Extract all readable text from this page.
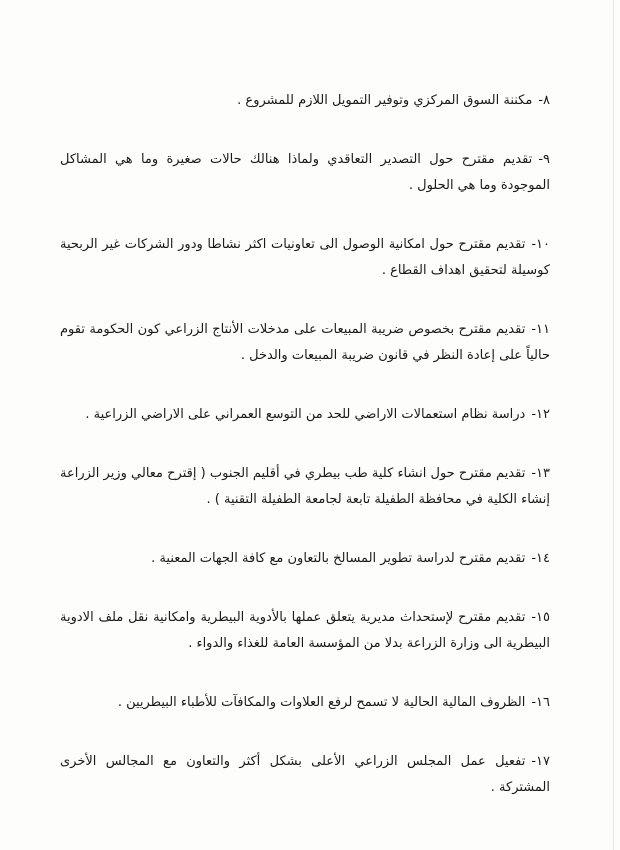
٨-مكننة السوق المركزي وتوفير التمويل اللازم للمشروع .

٩-تقديم مقترح حول التصدير التعاقدي ولماذا هنالك حالات صغيرة وما هي المشاكل الموجودة وما هي الحلول .

١٠-تقديم مقترح حول امكانية الوصول الى تعاونيات اكثر نشاطا ودور الشركات غير الربحية كوسيلة لتحقيق اهداف القطاع .

١١-تقديم مقترح بخصوص ضريبة المبيعات على مدخلات الأنتاج الزراعي كون الحكومة تقوم حالياً على إعادة النظر في قانون ضريبة المبيعات والدخل .

١٢-دراسة نظام استعمالات الاراضي للحد من التوسع العمراني على الاراضي الزراعية .

١٣-تقديم مقترح حول انشاء كلية طب بيطري في أقليم الجنوب ( إقترح معالي وزير الزراعة إنشاء الكلية في محافظة الطفيلة تابعة لجامعة الطفيلة التقنية ) .

١٤-تقديم مقترح لدراسة تطوير المسالخ بالتعاون مع كافة الجهات المعنية .

١٥-تقديم مقترح لإستحداث مديرية يتعلق عملها بالأدوية البيطرية وامكانية نقل ملف الادوية البيطرية الى وزارة الزراعة بدلا من المؤسسة العامة للغذاء والدواء .

١٦-الظروف المالية الحالية لا تسمح لرفع العلاوات والمكافآت للأطباء البيطريين .

١٧-تفعيل عمل المجلس الزراعي الأعلى بشكل أكثر والتعاون مع المجالس الأخرى المشتركة .
